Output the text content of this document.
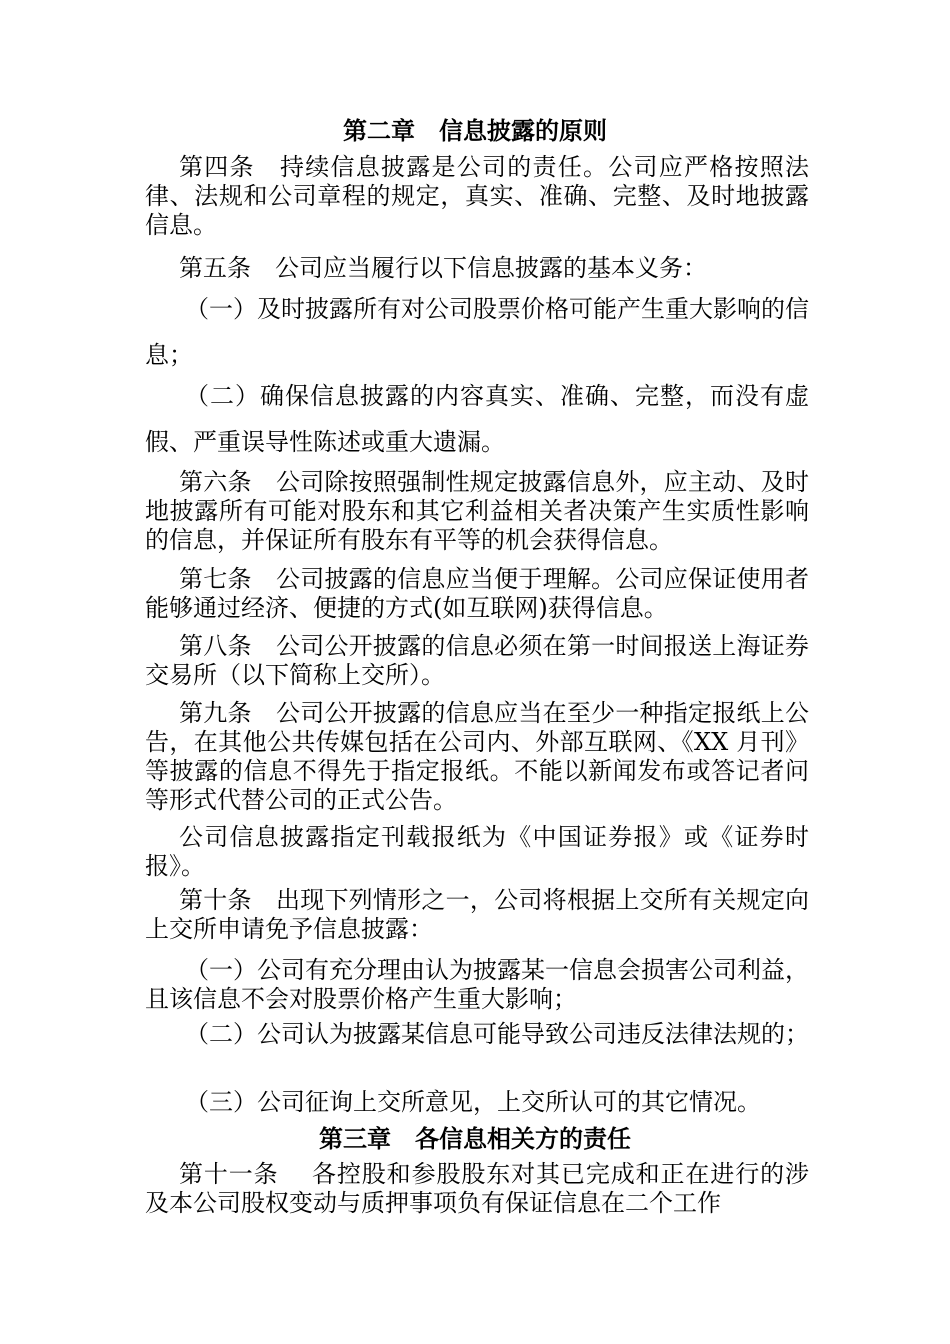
第二章　信息披露的原则

第四条　持续信息披露是公司的责任。公司应严格按照法律、法规和公司章程的规定，真实、准确、完整、及时地披露信息。

第五条　公司应当履行以下信息披露的基本义务：

（一）及时披露所有对公司股票价格可能产生重大影响的信息；

（二）确保信息披露的内容真实、准确、完整，而没有虚假、严重误导性陈述或重大遗漏。

第六条　公司除按照强制性规定披露信息外，应主动、及时地披露所有可能对股东和其它利益相关者决策产生实质性影响的信息，并保证所有股东有平等的机会获得信息。

第七条　公司披露的信息应当便于理解。公司应保证使用者能够通过经济、便捷的方式(如互联网)获得信息。

第八条　公司公开披露的信息必须在第一时间报送上海证券交易所（以下简称上交所）。

第九条　公司公开披露的信息应当在至少一种指定报纸上公告，在其他公共传媒包括在公司内、外部互联网、《XX 月刊》等披露的信息不得先于指定报纸。不能以新闻发布或答记者问等形式代替公司的正式公告。

公司信息披露指定刊载报纸为《中国证券报》或《证券时报》。

第十条　出现下列情形之一，公司将根据上交所有关规定向上交所申请免予信息披露：

（一）公司有充分理由认为披露某一信息会损害公司利益，且该信息不会对股票价格产生重大影响；

（二）公司认为披露某信息可能导致公司违反法律法规的；

（三）公司征询上交所意见，上交所认可的其它情况。

第三章　各信息相关方的责任

第十一条　 各控股和参股股东对其已完成和正在进行的涉及本公司股权变动与质押事项负有保证信息在二个工作
